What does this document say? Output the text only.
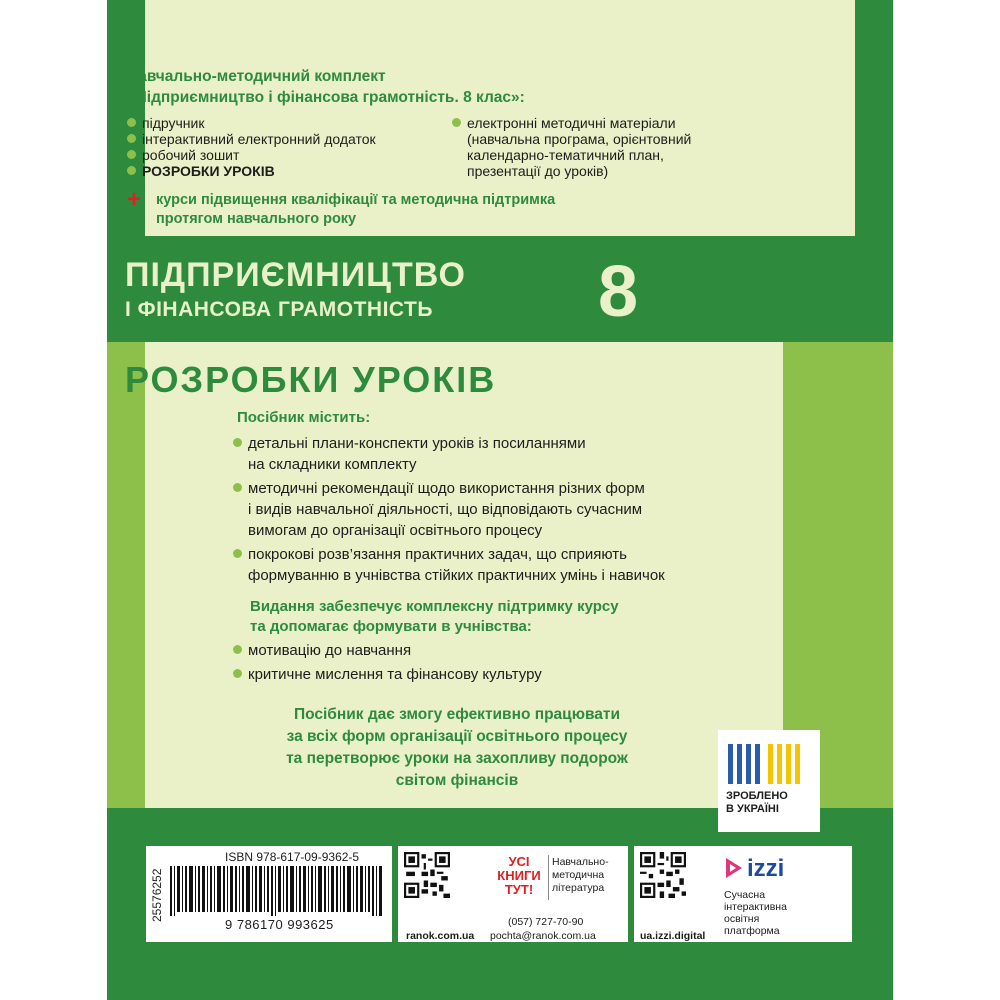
Навчально-методичний комплект
«Підприємництво і фінансова грамотність. 8 клас»:
підручник
інтерактивний електронний додаток
робочий зошит
РОЗРОБКИ УРОКІВ
електронні методичні матеріали
(навчальна програма, орієнтовний
календарно-тематичний план,
презентації до уроків)
+ курси підвищення кваліфікації та методична підтримка
протягом навчального року
ПІДПРИЄМНИЦТВО
І ФІНАНСОВА ГРАМОТНІСТЬ 8
РОЗРОБКИ УРОКІВ
Посібник містить:
детальні плани-конспекти уроків із посиланнями
на складники комплекту
методичні рекомендації щодо використання різних форм
і видів навчальної діяльності, що відповідають сучасним
вимогам до організації освітнього процесу
покрокові розв’язання практичних задач, що сприяють
формуванню в учнівства стійких практичних умінь і навичок
Видання забезпечує комплексну підтримку курсу
та допомагає формувати в учнівства:
мотивацію до навчання
критичне мислення та фінансову культуру
Посібник дає змогу ефективно працювати
за всіх форм організації освітнього процесу
та перетворює уроки на захопливу подорож
світом фінансів
ЗРОБЛЕНО
В УКРАЇНІ
25576252
ISBN 978-617-09-9362-5
9 786170 993625
ranok.com.ua
УСІ
КНИГИ
ТУТ!
Навчально-
методична
література
(057) 727-70-90
pochta@ranok.com.ua	ua.izzi.digital
izzi
Сучасна
інтерактивна
освітня
платформа
